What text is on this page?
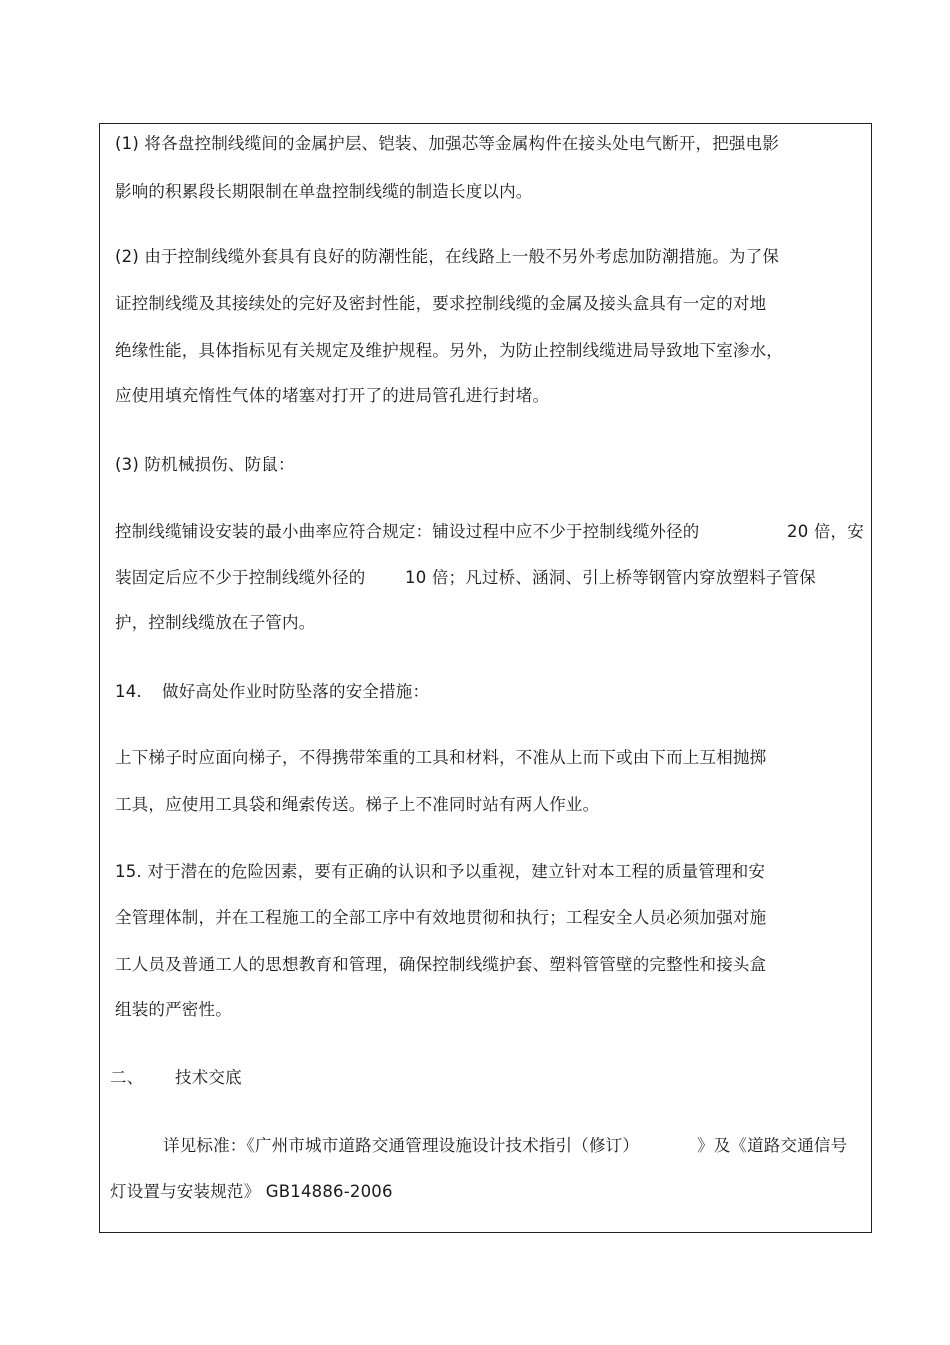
(1) 将各盘控制线缆间的金属护层、铠装、加强芯等金属构件在接头处电气断开，把强电影
影响的积累段长期限制在单盘控制线缆的制造长度以内。
(2) 由于控制线缆外套具有良好的防潮性能，在线路上一般不另外考虑加防潮措施。为了保
证控制线缆及其接续处的完好及密封性能，要求控制线缆的金属及接头盒具有一定的对地
绝缘性能，具体指标见有关规定及维护规程。另外，为防止控制线缆进局导致地下室渗水，
应使用填充惰性气体的堵塞对打开了的进局管孔进行封堵。
(3) 防机械损伤、防鼠：
控制线缆铺设安装的最小曲率应符合规定：铺设过程中应不少于控制线缆外径的	20 倍，安
装固定后应不少于控制线缆外径的 10 倍；凡过桥、涵洞、引上桥等钢管内穿放塑料子管保
护，控制线缆放在子管内。
14. 做好高处作业时防坠落的安全措施：
上下梯子时应面向梯子，不得携带笨重的工具和材料，不准从上而下或由下而上互相抛掷
工具，应使用工具袋和绳索传送。梯子上不准同时站有两人作业。
15. 对于潜在的危险因素，要有正确的认识和予以重视，建立针对本工程的质量管理和安
全管理体制，并在工程施工的全部工序中有效地贯彻和执行；工程安全人员必须加强对施
工人员及普通工人的思想教育和管理，确保控制线缆护套、塑料管管壁的完整性和接头盒
组装的严密性。
二、 技术交底
详见标准：《广州市城市道路交通管理设施设计技术指引（修订）	》及《道路交通信号
灯设置与安装规范》 GB14886-2006
